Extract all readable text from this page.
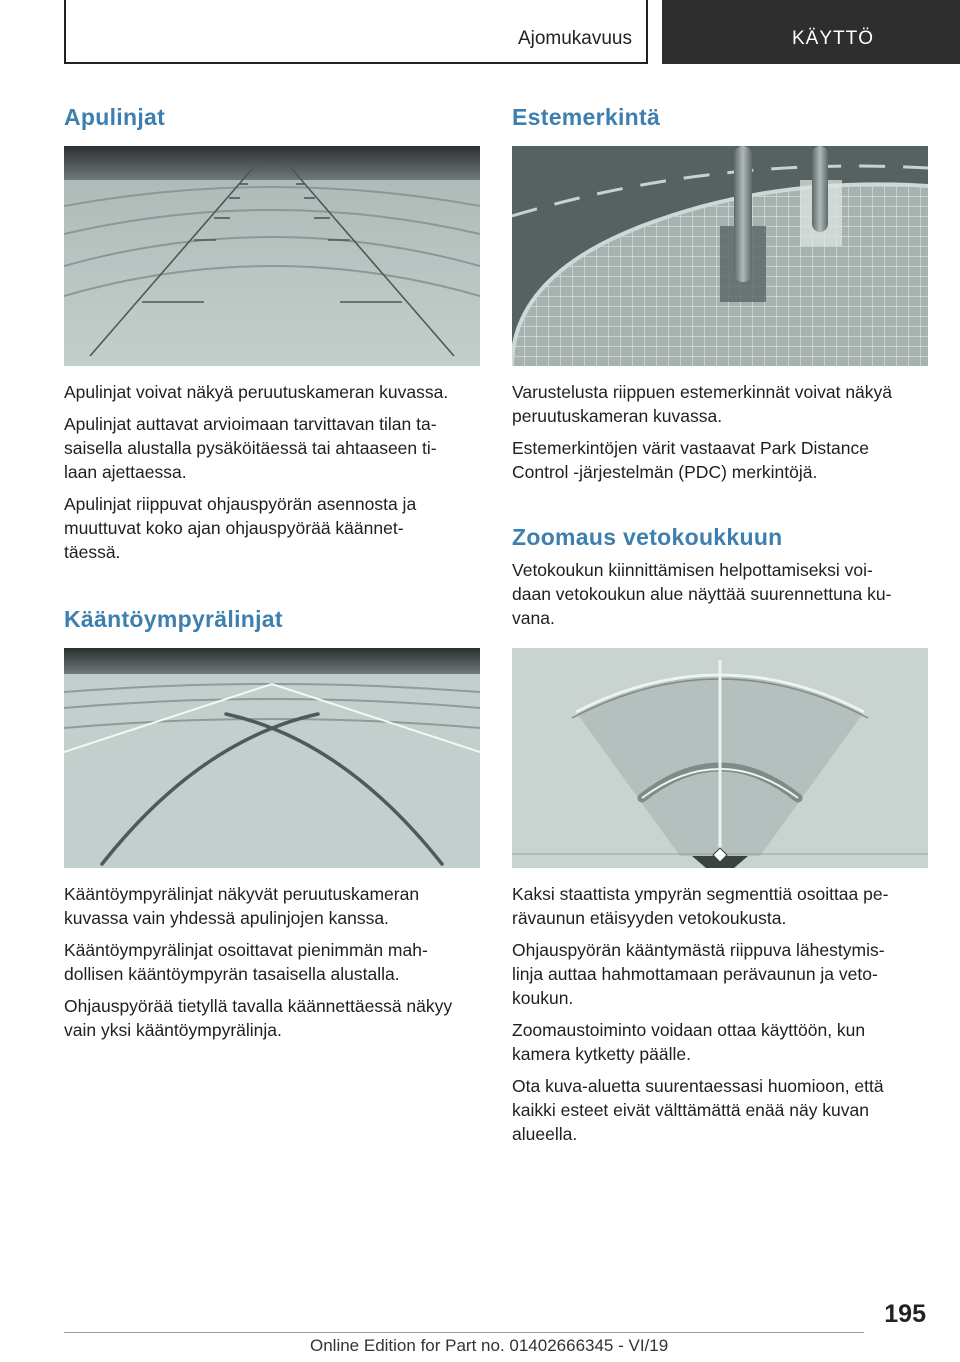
Ajomukavuus	KÄYTTÖ
Apulinjat

Apulinjat voivat näkyä peruutuskameran kuvassa.

Apulinjat auttavat arvioimaan tarvittavan tilan ta-
saisella alustalla pysäköitäessä tai ahtaaseen ti-
laan ajettaessa.

Apulinjat riippuvat ohjauspyörän asennosta ja
muuttuvat koko ajan ohjauspyörää käännet-
täessä.

Kääntöympyrälinjat

Kääntöympyrälinjat näkyvät peruutuskameran
kuvassa vain yhdessä apulinjojen kanssa.

Kääntöympyrälinjat osoittavat pienimmän mah-
dollisen kääntöympyrän tasaisella alustalla.

Ohjauspyörää tietyllä tavalla käännettäessä näkyy
vain yksi kääntöympyrälinja.

Estemerkintä

Varustelusta riippuen estemerkinnät voivat näkyä
peruutuskameran kuvassa.

Estemerkintöjen värit vastaavat Park Distance
Control -järjestelmän (PDC) merkintöjä.

Zoomaus vetokoukkuun

Vetokoukun kiinnittämisen helpottamiseksi voi-
daan vetokoukun alue näyttää suurennettuna ku-
vana.

Kaksi staattista ympyrän segmenttiä osoittaa pe-
rävaunun etäisyyden vetokoukusta.

Ohjauspyörän kääntymästä riippuva lähestymis-
linja auttaa hahmottamaan perävaunun ja veto-
koukun.

Zoomaustoiminto voidaan ottaa käyttöön, kun
kamera kytketty päälle.

Ota kuva-aluetta suurentaessasi huomioon, että
kaikki esteet eivät välttämättä enää näy kuvan
alueella.

195
Online Edition for Part no. 01402666345 - VI/19
